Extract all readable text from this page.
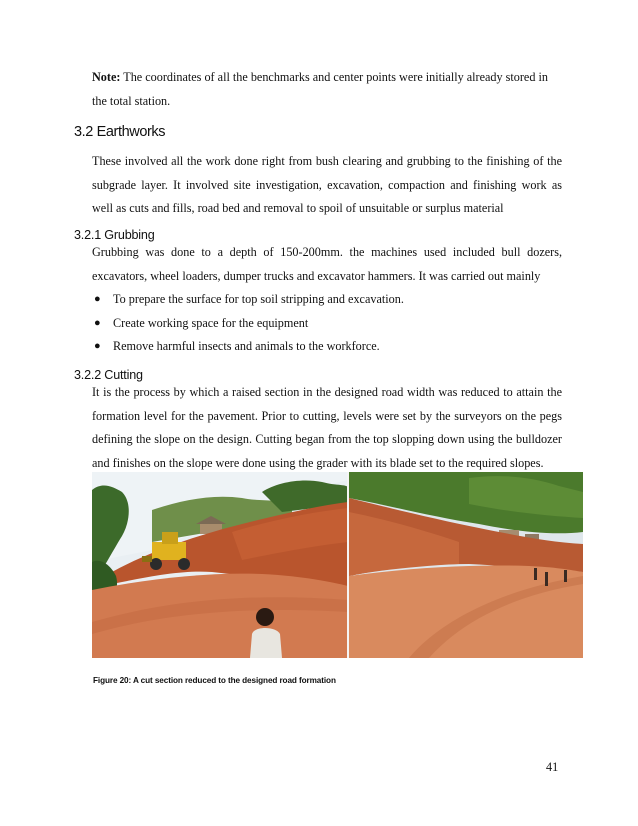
Note: The coordinates of all the benchmarks and center points were initially already stored in
the total station.
3.2 Earthworks
These involved all the work done right from bush clearing and grubbing to the finishing of the
subgrade layer. It involved site investigation, excavation, compaction and finishing work as
well as cuts and fills, road bed and removal to spoil of unsuitable or surplus material
3.2.1 Grubbing
Grubbing was done to a depth of 150-200mm. the machines used included bull dozers,
excavators, wheel loaders, dumper trucks and excavator hammers. It was carried out mainly
● To prepare the surface for top soil stripping and excavation.
● Create working space for the equipment
● Remove harmful insects and animals to the workforce.
3.2.2 Cutting
It is the process by which a raised section in the designed road width was reduced to attain the
formation level for the pavement. Prior to cutting, levels were set by the surveyors on the pegs
defining the slope on the design. Cutting began from the top slopping down using the bulldozer
and finishes on the slope were done using the grader with its blade set to the required slopes.
Figure 20: A cut section reduced to the designed road formation
41
